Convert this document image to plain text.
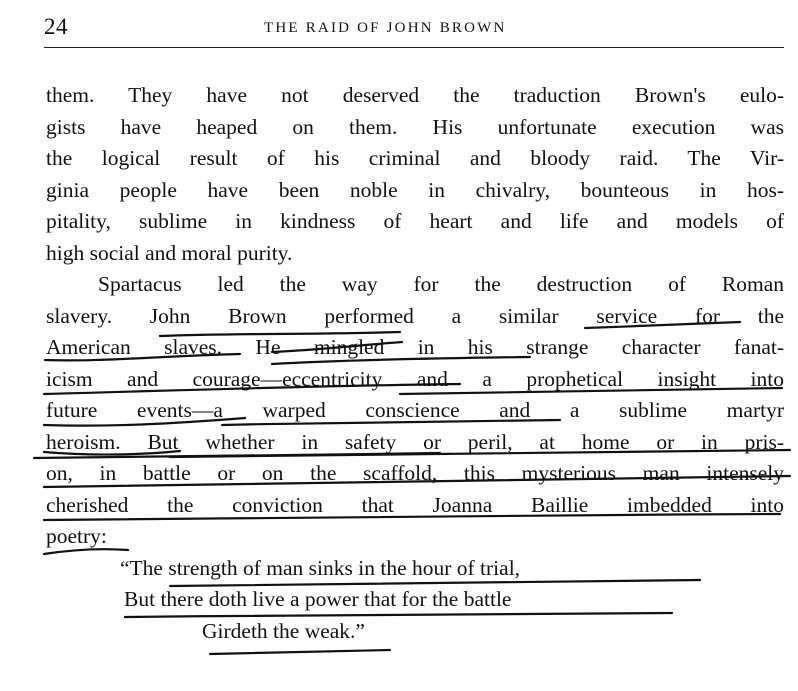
24	THE RAID OF JOHN BROWN
them. They have not deserved the traduction Brown's eulo-
gists have heaped on them. His unfortunate execution was
the logical result of his criminal and bloody raid. The Vir-
ginia people have been noble in chivalry, bounteous in hos-
pitality, sublime in kindness of heart and life and models of
high social and moral purity.
Spartacus led the way for the destruction of Roman
slavery. John Brown performed a similar service for the
American slaves. He mingled in his strange character fanat-
icism and courage—eccentricity and a prophetical insight into
future events—a warped conscience and a sublime martyr
heroism. But whether in safety or peril, at home or in pris-
on, in battle or on the scaffold, this mysterious man intensely
cherished the conviction that Joanna Baillie imbedded into
poetry:
“The strength of man sinks in the hour of trial,
But there doth live a power that for the battle
Girdeth the weak.”
